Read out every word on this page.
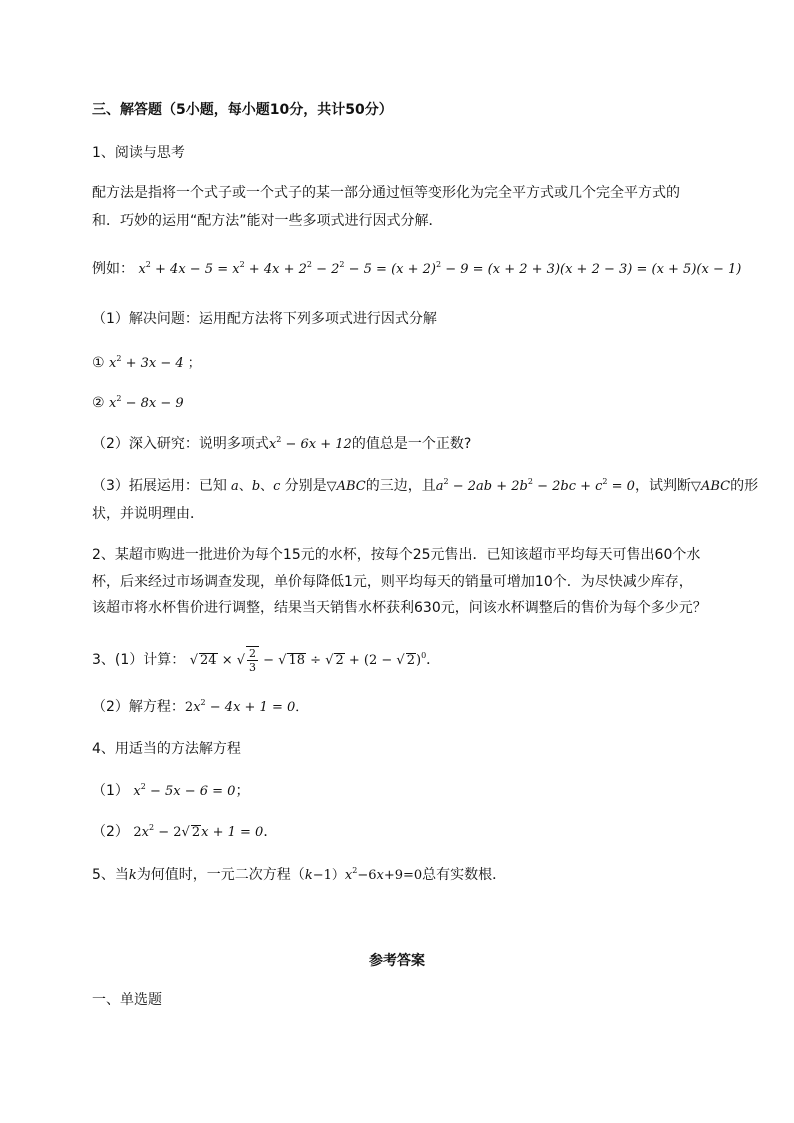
三、解答题（5小题，每小题10分，共计50分）
1、阅读与思考
配方法是指将一个式子或一个式子的某一部分通过恒等变形化为完全平方式或几个完全平方式的
和．巧妙的运用“配方法”能对一些多项式进行因式分解．
例如： $x^2 + 4x - 5 = x^2 + 4x + 2^2 - 2^2 - 5 = (x + 2)^2 - 9 = (x + 2 + 3)(x + 2 - 3) = (x + 5)(x - 1)$
（1）解决问题：运用配方法将下列多项式进行因式分解
① $x^2 + 3x - 4$ ；
② $x^2 - 8x - 9$
（2）深入研究：说明多项式$x^2 - 6x + 12$的值总是一个正数?
（3）拓展运用：已知 a、b、c 分别是▽ABC的三边，且$a^2 - 2ab + 2b^2 - 2bc + c^2 = 0$，试判断▽ABC的形
状，并说明理由．
2、某超市购进一批进价为每个15元的水杯，按每个25元售出．已知该超市平均每天可售出60个水
杯，后来经过市场调查发现，单价每降低1元，则平均每天的销量可增加10个．为尽快减少库存，
该超市将水杯售价进行调整，结果当天销售水杯获利630元，问该水杯调整后的售价为每个多少元？
3、(1）计算： √ 24 × √ $\frac{2}{3}$ − √ 18 ÷ √ 2 + (2 − √ 2)$^0$．
（2）解方程：$2x^2 - 4x + 1 = 0$．
4、用适当的方法解方程
（1） $x^2 - 5x - 6 = 0$；
（2） $2x^2 - 2√$ 2x + 1 = 0．
5、当k为何值时，一元二次方程$(k-1)x^2-6x+9=0$总有实数根．
参考答案
一、单选题
